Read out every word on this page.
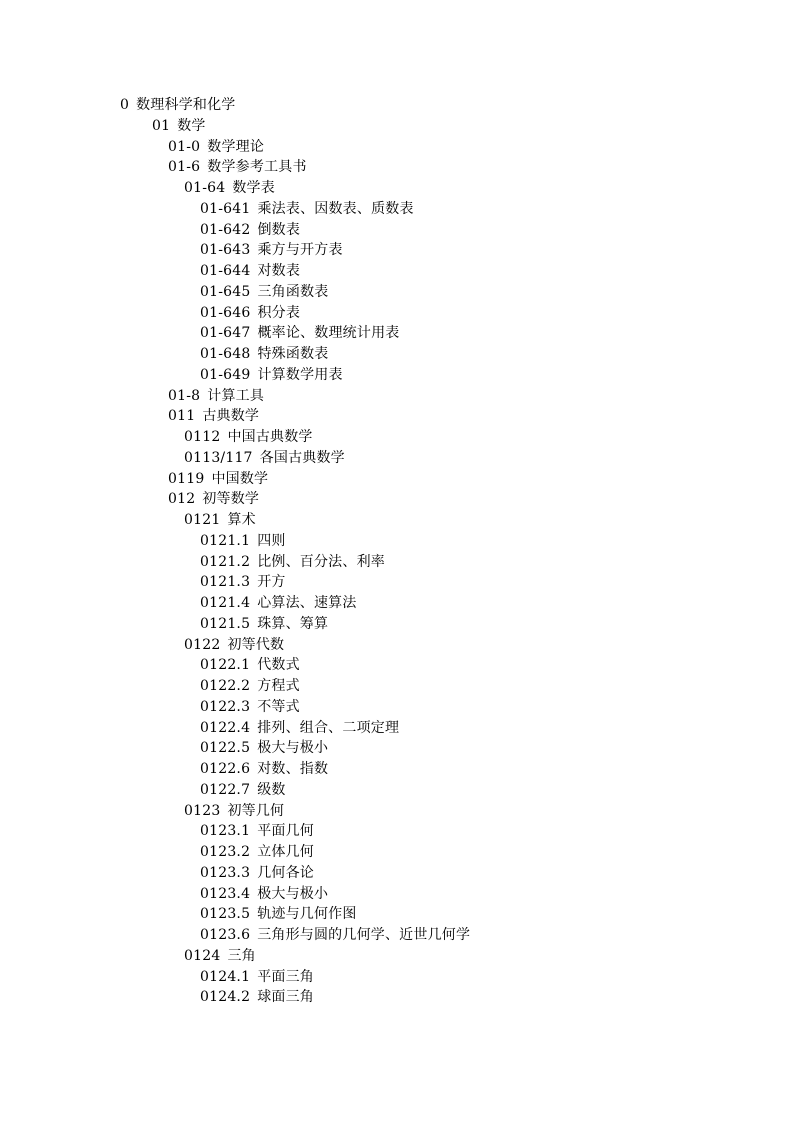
0 数理科学和化学
01 数学
01-0 数学理论
01-6 数学参考工具书
01-64 数学表
01-641 乘法表、因数表、质数表
01-642 倒数表
01-643 乘方与开方表
01-644 对数表
01-645 三角函数表
01-646 积分表
01-647 概率论、数理统计用表
01-648 特殊函数表
01-649 计算数学用表
01-8 计算工具
011 古典数学
0112 中国古典数学
0113/117 各国古典数学
0119 中国数学
012 初等数学
0121 算术
0121.1 四则
0121.2 比例、百分法、利率
0121.3 开方
0121.4 心算法、速算法
0121.5 珠算、筹算
0122 初等代数
0122.1 代数式
0122.2 方程式
0122.3 不等式
0122.4 排列、组合、二项定理
0122.5 极大与极小
0122.6 对数、指数
0122.7 级数
0123 初等几何
0123.1 平面几何
0123.2 立体几何
0123.3 几何各论
0123.4 极大与极小
0123.5 轨迹与几何作图
0123.6 三角形与圆的几何学、近世几何学
0124 三角
0124.1 平面三角
0124.2 球面三角
